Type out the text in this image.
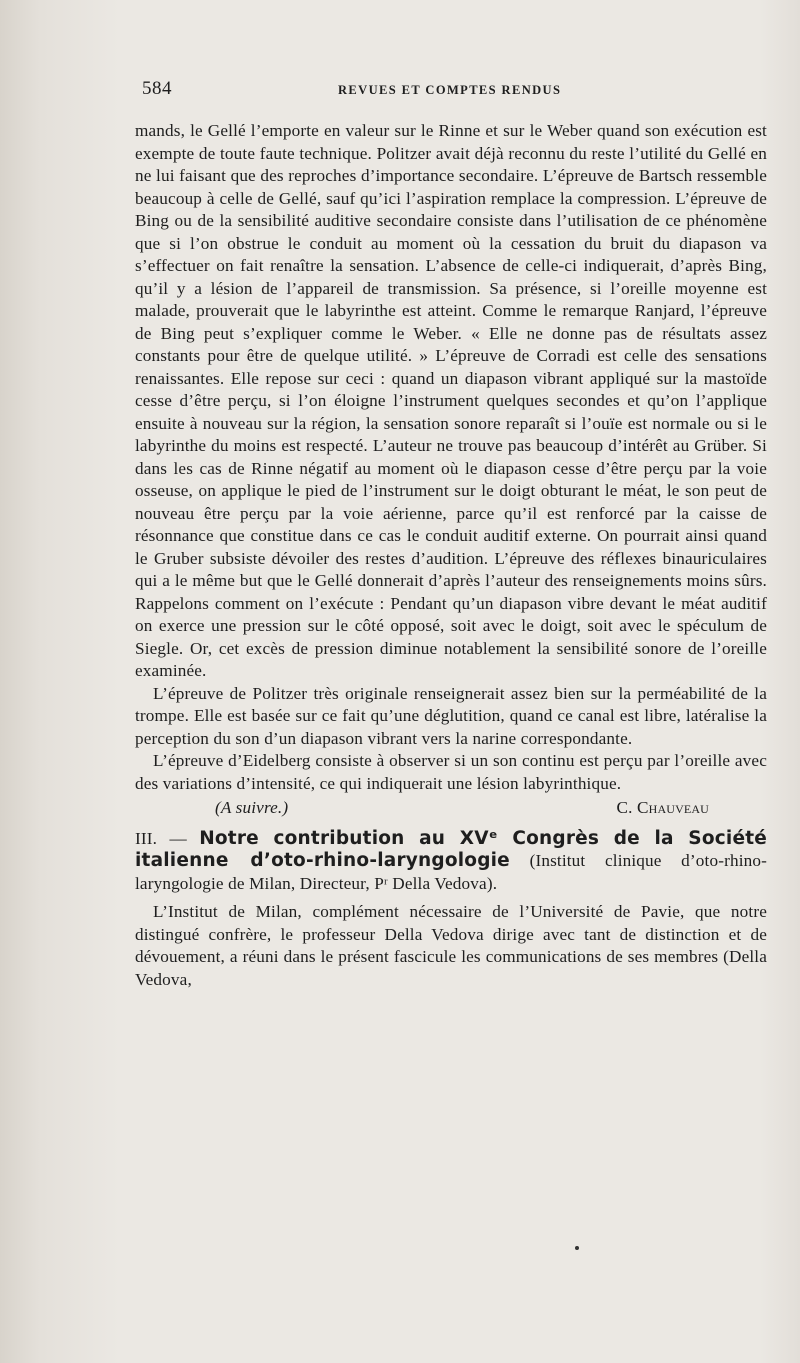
584	REVUES ET COMPTES RENDUS

mands, le Gellé l’emporte en valeur sur le Rinne et sur le Weber quand son exécution est exempte de toute faute technique. Politzer avait déjà reconnu du reste l’utilité du Gellé en ne lui faisant que des reproches d’importance secondaire. L’épreuve de Bartsch ressemble beaucoup à celle de Gellé, sauf qu’ici l’aspiration remplace la compression. L’épreuve de Bing ou de la sensibilité auditive secondaire consiste dans l’utilisation de ce phénomène que si l’on obstrue le conduit au moment où la cessation du bruit du diapason va s’effectuer on fait renaître la sensation. L’absence de celle-ci indiquerait, d’après Bing, qu’il y a lésion de l’appareil de transmission. Sa présence, si l’oreille moyenne est malade, prouverait que le labyrinthe est atteint. Comme le remarque Ranjard, l’épreuve de Bing peut s’expliquer comme le Weber. « Elle ne donne pas de résultats assez constants pour être de quelque utilité. » L’épreuve de Corradi est celle des sensations renaissantes. Elle repose sur ceci : quand un diapason vibrant appliqué sur la mastoïde cesse d’être perçu, si l’on éloigne l’instrument quelques secondes et qu’on l’applique ensuite à nouveau sur la région, la sensation sonore reparaît si l’ouïe est normale ou si le labyrinthe du moins est respecté. L’auteur ne trouve pas beaucoup d’intérêt au Grüber. Si dans les cas de Rinne négatif au moment où le diapason cesse d’être perçu par la voie osseuse, on applique le pied de l’instrument sur le doigt obturant le méat, le son peut de nouveau être perçu par la voie aérienne, parce qu’il est renforcé par la caisse de résonnance que constitue dans ce cas le conduit auditif externe. On pourrait ainsi quand le Gruber subsiste dévoiler des restes d’audition. L’épreuve des réflexes binauriculaires qui a le même but que le Gellé donnerait d’après l’auteur des renseignements moins sûrs. Rappelons comment on l’exécute : Pendant qu’un diapason vibre devant le méat auditif on exerce une pression sur le côté opposé, soit avec le doigt, soit avec le spéculum de Siegle. Or, cet excès de pression diminue notablement la sensibilité sonore de l’oreille examinée.

L’épreuve de Politzer très originale renseignerait assez bien sur la perméabilité de la trompe. Elle est basée sur ce fait qu’une déglutition, quand ce canal est libre, latéralise la perception du son d’un diapason vibrant vers la narine correspondante.

L’épreuve d’Eidelberg consiste à observer si un son continu est perçu par l’oreille avec des variations d’intensité, ce qui indiquerait une lésion labyrinthique.

(A suivre.)	C. Chauveau

III. — Notre contribution au XVᵉ Congrès de la Société italienne d’oto-rhino-laryngologie (Institut clinique d’oto-rhino-laryngologie de Milan, Directeur, Pʳ Della Vedova).

L’Institut de Milan, complément nécessaire de l’Université de Pavie, que notre distingué confrère, le professeur Della Vedova dirige avec tant de distinction et de dévouement, a réuni dans le présent fascicule les communications de ses membres (Della Vedova,
